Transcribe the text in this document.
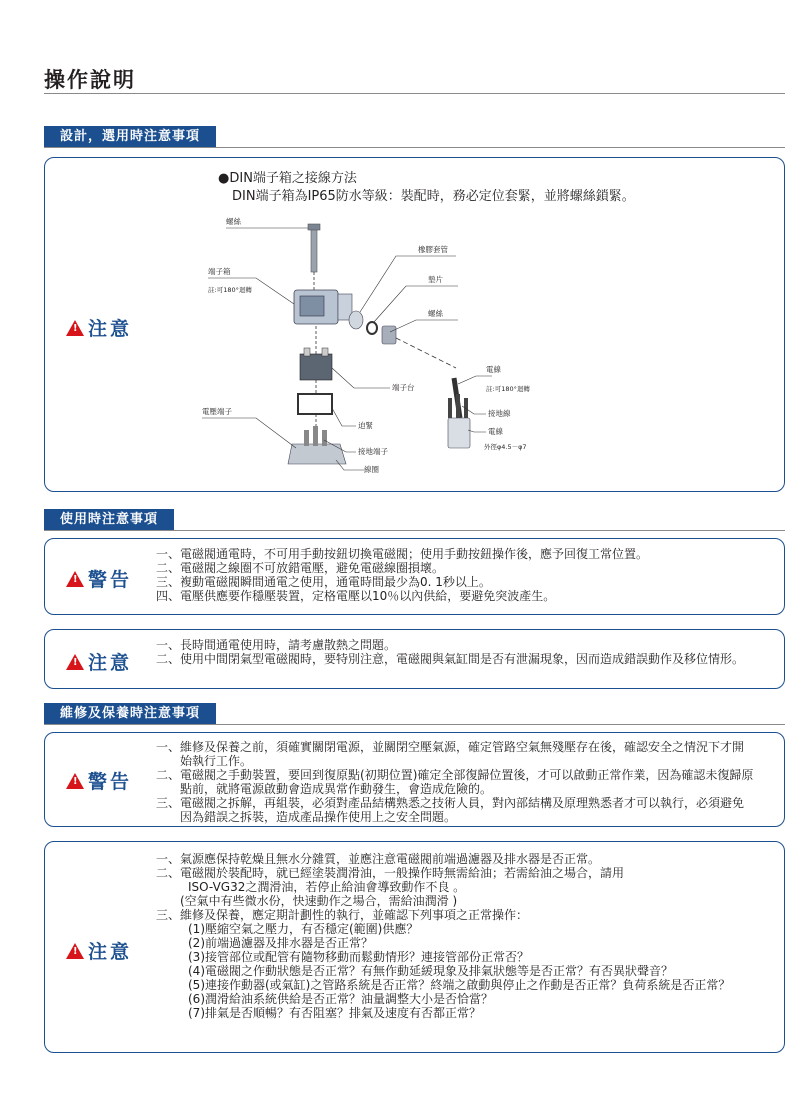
操作說明
設計，選用時注意事項
!
注意
●DIN端子箱之接線方法
DIN端子箱為IP65防水等級：裝配時，務必定位套緊，並將螺絲鎖緊。
螺絲
端子箱
註:可180°迴轉
橡膠套管
墊片
螺絲
端子台
電線
註:可180°迴轉
電壓端子	接地線
迫緊
電線
外徑φ4.5－φ7
接地端子
線圈
使用時注意事項
!
警告
一、 電磁閥通電時，不可用手動按鈕切換電磁閥；使用手動按鈕操作後，應予回復工常位置。
二、 電磁閥之線圈不可放錯電壓，避免電磁線圈損壞。
三、 複動電磁閥瞬間通電之使用，通電時間最少為0. 1秒以上。
四、 電壓供應要作穩壓裝置，定格電壓以10％以內供給，要避免突波產生。
!
注意
一、 長時間通電使用時，請考慮散熱之問題。
二、 使用中間閉氣型電磁閥時，要特別注意，電磁閥與氣缸間是否有泄漏現象，因而造成錯誤動作及移位情形。
維修及保養時注意事項
!
警告
一、 維修及保養之前，須確實關閉電源，並關閉空壓氣源，確定管路空氣無殘壓存在後，確認安全之情況下才開始執行工作。
二、 電磁閥之手動裝置，要回到復原點(初期位置)確定全部復歸位置後，才可以啟動正常作業，因為確認未復歸原點前，就將電源啟動會造成異常作動發生，會造成危險的。
三、 電磁閥之拆解，再組裝，必須對產品結構熟悉之技術人員，對內部結構及原理熟悉者才可以執行，必須避免因為錯誤之拆裝，造成產品操作使用上之安全問題。
!
注意
一、 氣源應保持乾燥且無水分雜質，並應注意電磁閥前端過濾器及排水器是否正常。
二、 電磁閥於裝配時，就已經塗裝潤滑油，一般操作時無需給油；若需給油之場合，請用
ISO-VG32之潤滑油，若停止給油會導致動作不良 。
(空氣中有些微水份，快速動作之場合，需給油潤滑 )
三、 維修及保養，應定期計劃性的執行，並確認下列事項之正常操作：
(1)壓縮空氣之壓力，有否穩定(範圍)供應？
(2)前端過濾器及排水器是否正常？
(3)接管部位或配管有隨物移動而鬆動情形？連接管部份正常否？
(4)電磁閥之作動狀態是否正常？有無作動延緩現象及排氣狀態等是否正常？有否異狀聲音？
(5)連接作動器(或氣缸)之管路系統是否正常？終端之啟動與停止之作動是否正常？負荷系統是否正常？
(6)潤滑給油系統供給是否正常？油量調整大小是否恰當？
(7)排氣是否順暢？有否阻塞？排氣及速度有否都正常？
